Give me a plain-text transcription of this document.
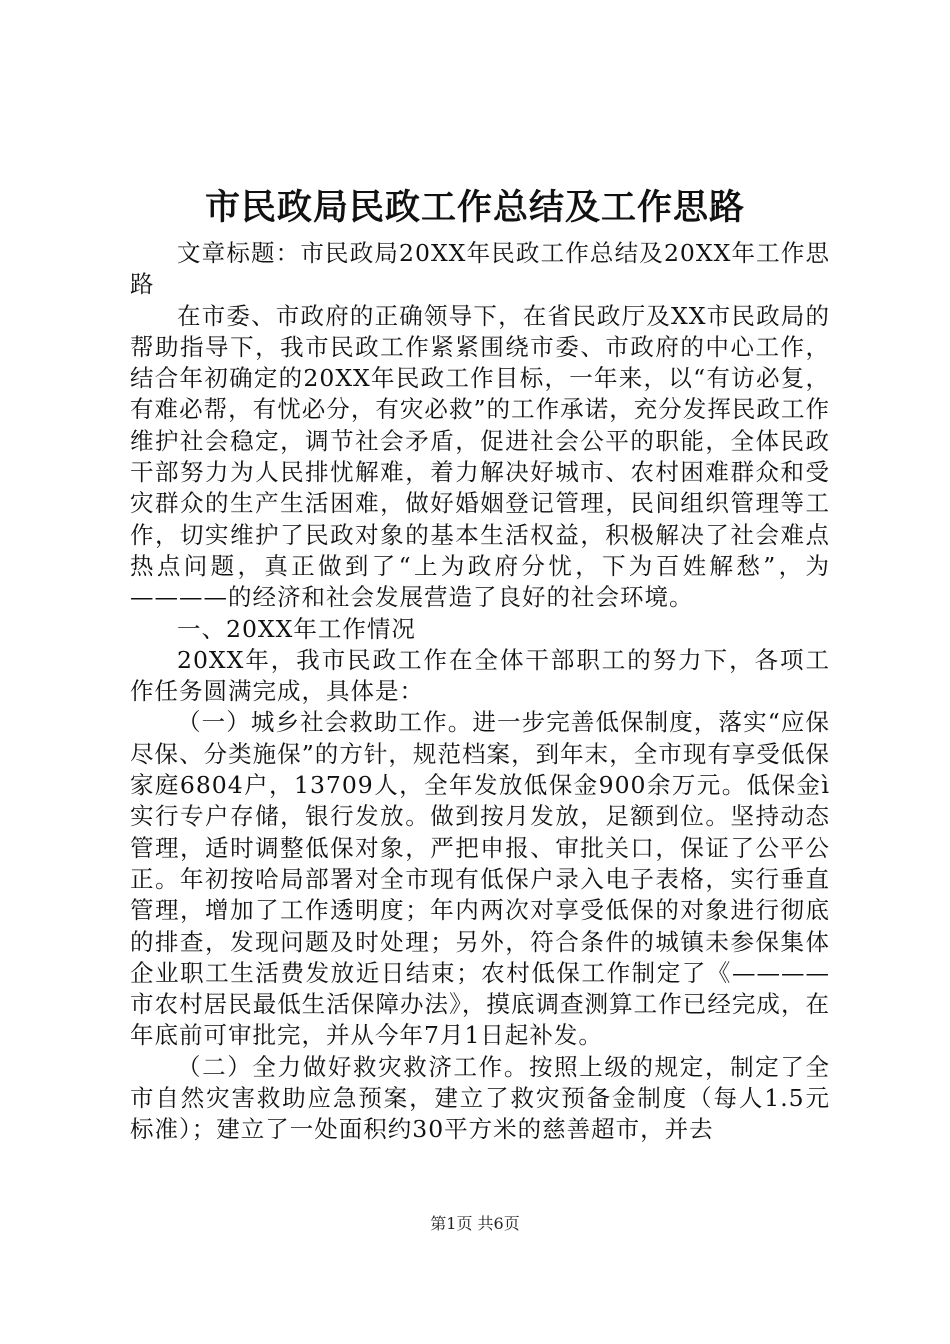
市民政局民政工作总结及工作思路

文章标题：市民政局20XX年民政工作总结及20XX年工作思路

在市委、市政府的正确领导下，在省民政厅及XX市民政局的帮助指导下，我市民政工作紧紧围绕市委、市政府的中心工作，结合年初确定的20XX年民政工作目标，一年来，以“有访必复，有难必帮，有忧必分，有灾必救”的工作承诺，充分发挥民政工作维护社会稳定，调节社会矛盾，促进社会公平的职能，全体民政干部努力为人民排忧解难，着力解决好城市、农村困难群众和受灾群众的生产生活困难，做好婚姻登记管理，民间组织管理等工作，切实维护了民政对象的基本生活权益，积极解决了社会难点热点问题，真正做到了“上为政府分忧，下为百姓解愁”，为————的经济和社会发展营造了良好的社会环境。

一、20XX年工作情况

20XX年，我市民政工作在全体干部职工的努力下，各项工作任务圆满完成，具体是：

（一）城乡社会救助工作。进一步完善低保制度，落实“应保尽保、分类施保”的方针，规范档案，到年末，全市现有享受低保家庭6804户，13709人，全年发放低保金900余万元。低保金ì实行专户存储，银行发放。做到按月发放，足额到位。坚持动态管理，适时调整低保对象，严把申报、审批关口，保证了公平公正。年初按哈局部署对全市现有低保户录入电子表格，实行垂直管理，增加了工作透明度；年内两次对享受低保的对象进行彻底的排查，发现问题及时处理；另外，符合条件的城镇未参保集体企业职工生活费发放近日结束；农村低保工作制定了《————市农村居民最低生活保障办法》，摸底调查测算工作已经完成，在年底前可审批完，并从今年7月1日起补发。

（二）全力做好救灾救济工作。按照上级的规定，制定了全市自然灾害救助应急预案，建立了救灾预备金制度（每人1.5元标准）；建立了一处面积约30平方米的慈善超市，并去

第1页 共6页
